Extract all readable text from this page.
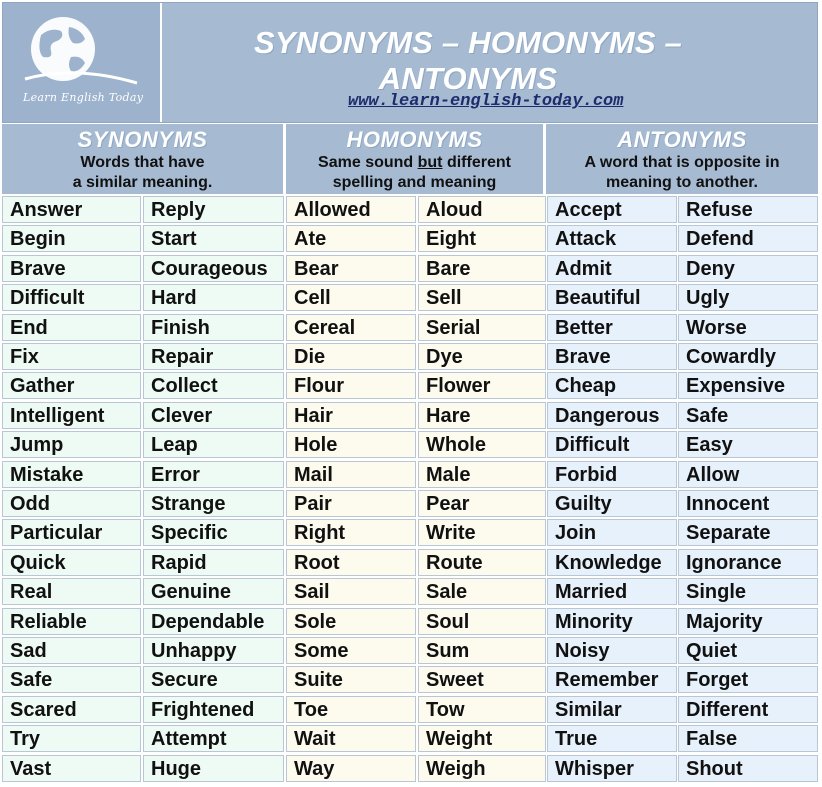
Learn English Today
SYNONYMS – HOMONYMS – ANTONYMS
www.learn-english-today.com
SYNONYMS
Words that have
a similar meaning.
HOMONYMS
Same sound but different
spelling and meaning
ANTONYMS
A word that is opposite in
meaning to another.
Answer	Reply	Allowed	Aloud	Accept	Refuse
Begin	Start	Ate	Eight	Attack	Defend
Brave	Courageous	Bear	Bare	Admit	Deny
Difficult	Hard	Cell	Sell	Beautiful	Ugly
End	Finish	Cereal	Serial	Better	Worse
Fix	Repair	Die	Dye	Brave	Cowardly
Gather	Collect	Flour	Flower	Cheap	Expensive
Intelligent	Clever	Hair	Hare	Dangerous	Safe
Jump	Leap	Hole	Whole	Difficult	Easy
Mistake	Error	Mail	Male	Forbid	Allow
Odd	Strange	Pair	Pear	Guilty	Innocent
Particular	Specific	Right	Write	Join	Separate
Quick	Rapid	Root	Route	Knowledge	Ignorance
Real	Genuine	Sail	Sale	Married	Single
Reliable	Dependable	Sole	Soul	Minority	Majority
Sad	Unhappy	Some	Sum	Noisy	Quiet
Safe	Secure	Suite	Sweet	Remember	Forget
Scared	Frightened	Toe	Tow	Similar	Different
Try	Attempt	Wait	Weight	True	False
Vast	Huge	Way	Weigh	Whisper	Shout
